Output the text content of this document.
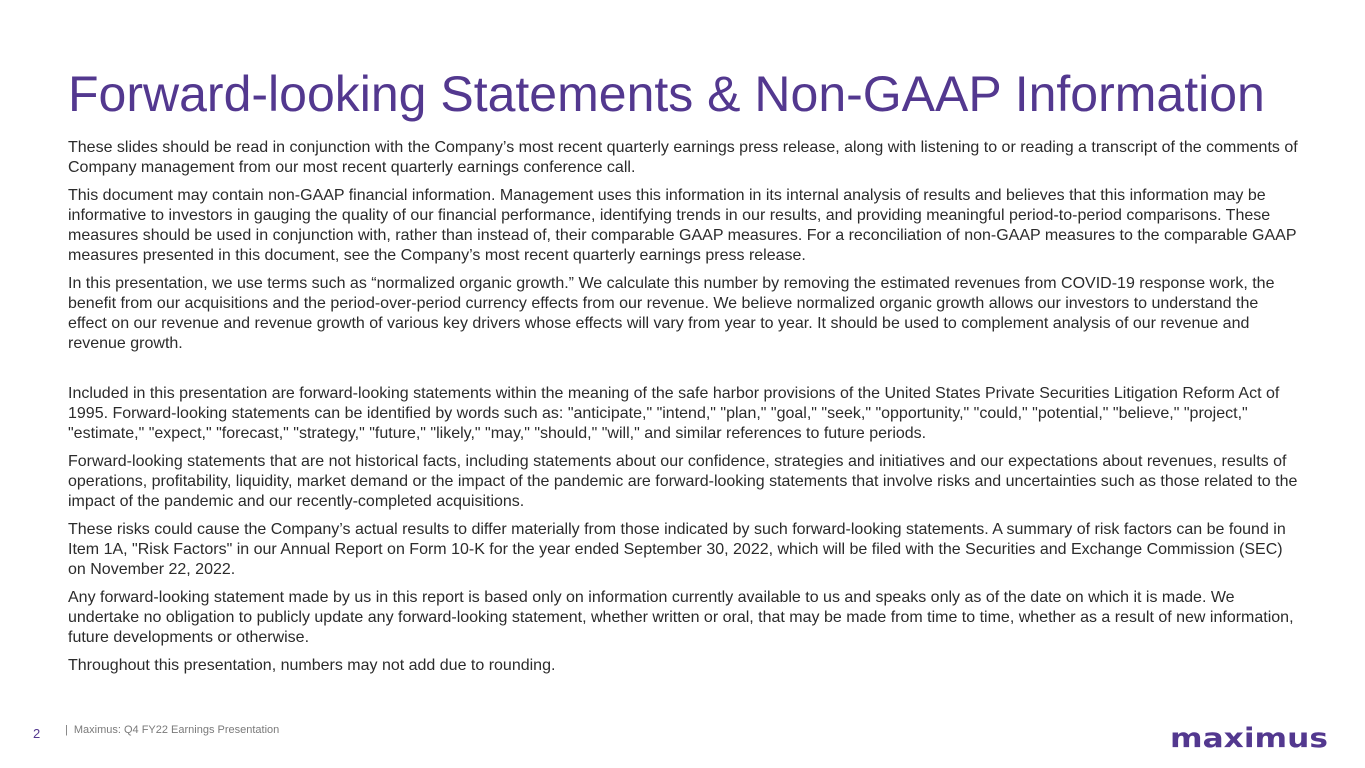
Forward-looking Statements & Non-GAAP Information

These slides should be read in conjunction with the Company’s most recent quarterly earnings press release, along with listening to or reading a transcript of the comments of Company management from our most recent quarterly earnings conference call.

This document may contain non-GAAP financial information. Management uses this information in its internal analysis of results and believes that this information may be informative to investors in gauging the quality of our financial performance, identifying trends in our results, and providing meaningful period-to-period comparisons. These measures should be used in conjunction with, rather than instead of, their comparable GAAP measures. For a reconciliation of non-GAAP measures to the comparable GAAP measures presented in this document, see the Company’s most recent quarterly earnings press release.

In this presentation, we use terms such as “normalized organic growth.” We calculate this number by removing the estimated revenues from COVID-19 response work, the benefit from our acquisitions and the period-over-period currency effects from our revenue. We believe normalized organic growth allows our investors to understand the effect on our revenue and revenue growth of various key drivers whose effects will vary from year to year. It should be used to complement analysis of our revenue and revenue growth.

Included in this presentation are forward-looking statements within the meaning of the safe harbor provisions of the United States Private Securities Litigation Reform Act of 1995. Forward-looking statements can be identified by words such as: "anticipate," "intend," "plan," "goal," "seek," "opportunity," "could," "potential," "believe," "project," "estimate," "expect," "forecast," "strategy," "future," "likely," "may," "should," "will," and similar references to future periods.

Forward-looking statements that are not historical facts, including statements about our confidence, strategies and initiatives and our expectations about revenues, results of operations, profitability, liquidity, market demand or the impact of the pandemic are forward-looking statements that involve risks and uncertainties such as those related to the impact of the pandemic and our recently-completed acquisitions.

These risks could cause the Company’s actual results to differ materially from those indicated by such forward-looking statements. A summary of risk factors can be found in Item 1A, "Risk Factors" in our Annual Report on Form 10-K for the year ended September 30, 2022, which will be filed with the Securities and Exchange Commission (SEC) on November 22, 2022.

Any forward-looking statement made by us in this report is based only on information currently available to us and speaks only as of the date on which it is made. We undertake no obligation to publicly update any forward-looking statement, whether written or oral, that may be made from time to time, whether as a result of new information, future developments or otherwise.

Throughout this presentation, numbers may not add due to rounding.

2 | Maximus: Q4 FY22 Earnings Presentation	maximus
